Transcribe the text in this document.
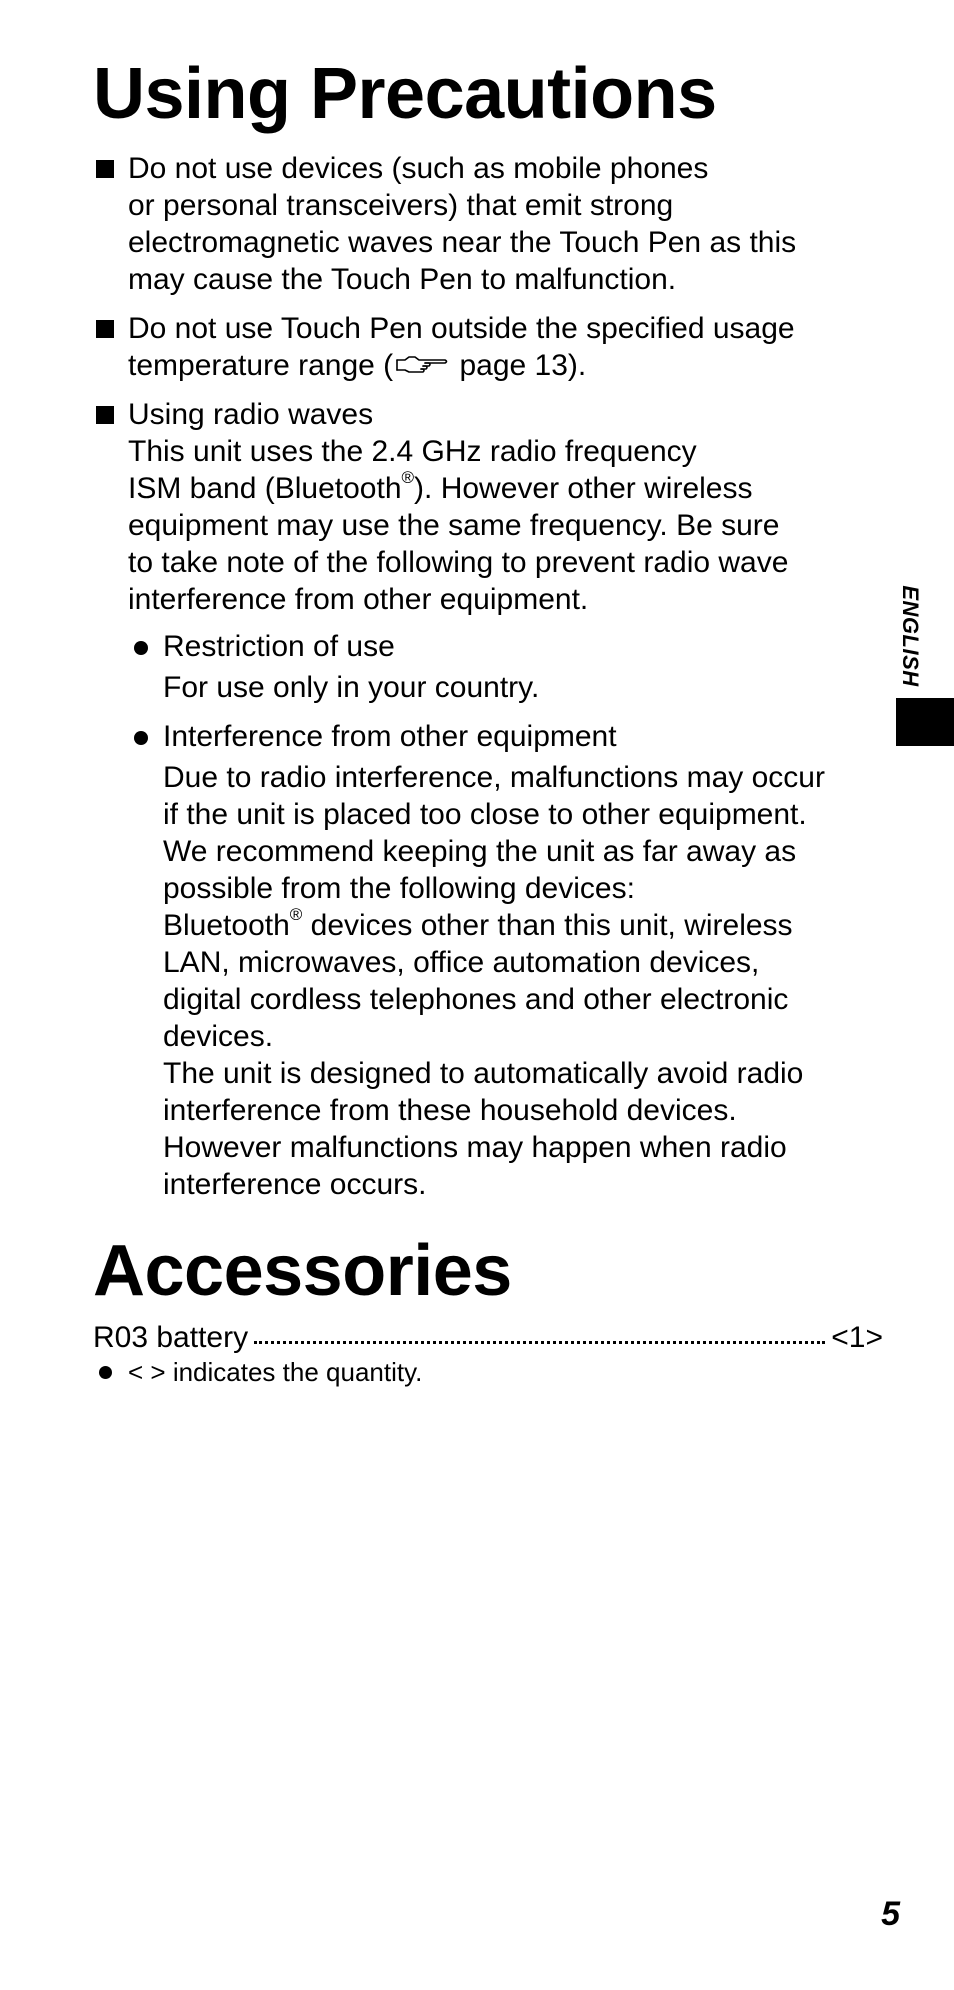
Using Precautions
Do not use devices (such as mobile phones
or personal transceivers) that emit strong
electromagnetic waves near the Touch Pen as this
may cause the Touch Pen to malfunction.
Do not use Touch Pen outside the specified usage
temperature range ( page 13).
Using radio waves
This unit uses the 2.4 GHz radio frequency
ISM band (Bluetooth®). However other wireless
equipment may use the same frequency. Be sure
to take note of the following to prevent radio wave
interference from other equipment.
Restriction of use
For use only in your country.
Interference from other equipment
Due to radio interference, malfunctions may occur
if the unit is placed too close to other equipment.
We recommend keeping the unit as far away as
possible from the following devices:
Bluetooth® devices other than this unit, wireless
LAN, microwaves, office automation devices,
digital cordless telephones and other electronic
devices.
The unit is designed to automatically avoid radio
interference from these household devices.
However malfunctions may happen when radio
interference occurs.
Accessories
R03 battery	<1>
< > indicates the quantity.
ENGLISH
5
